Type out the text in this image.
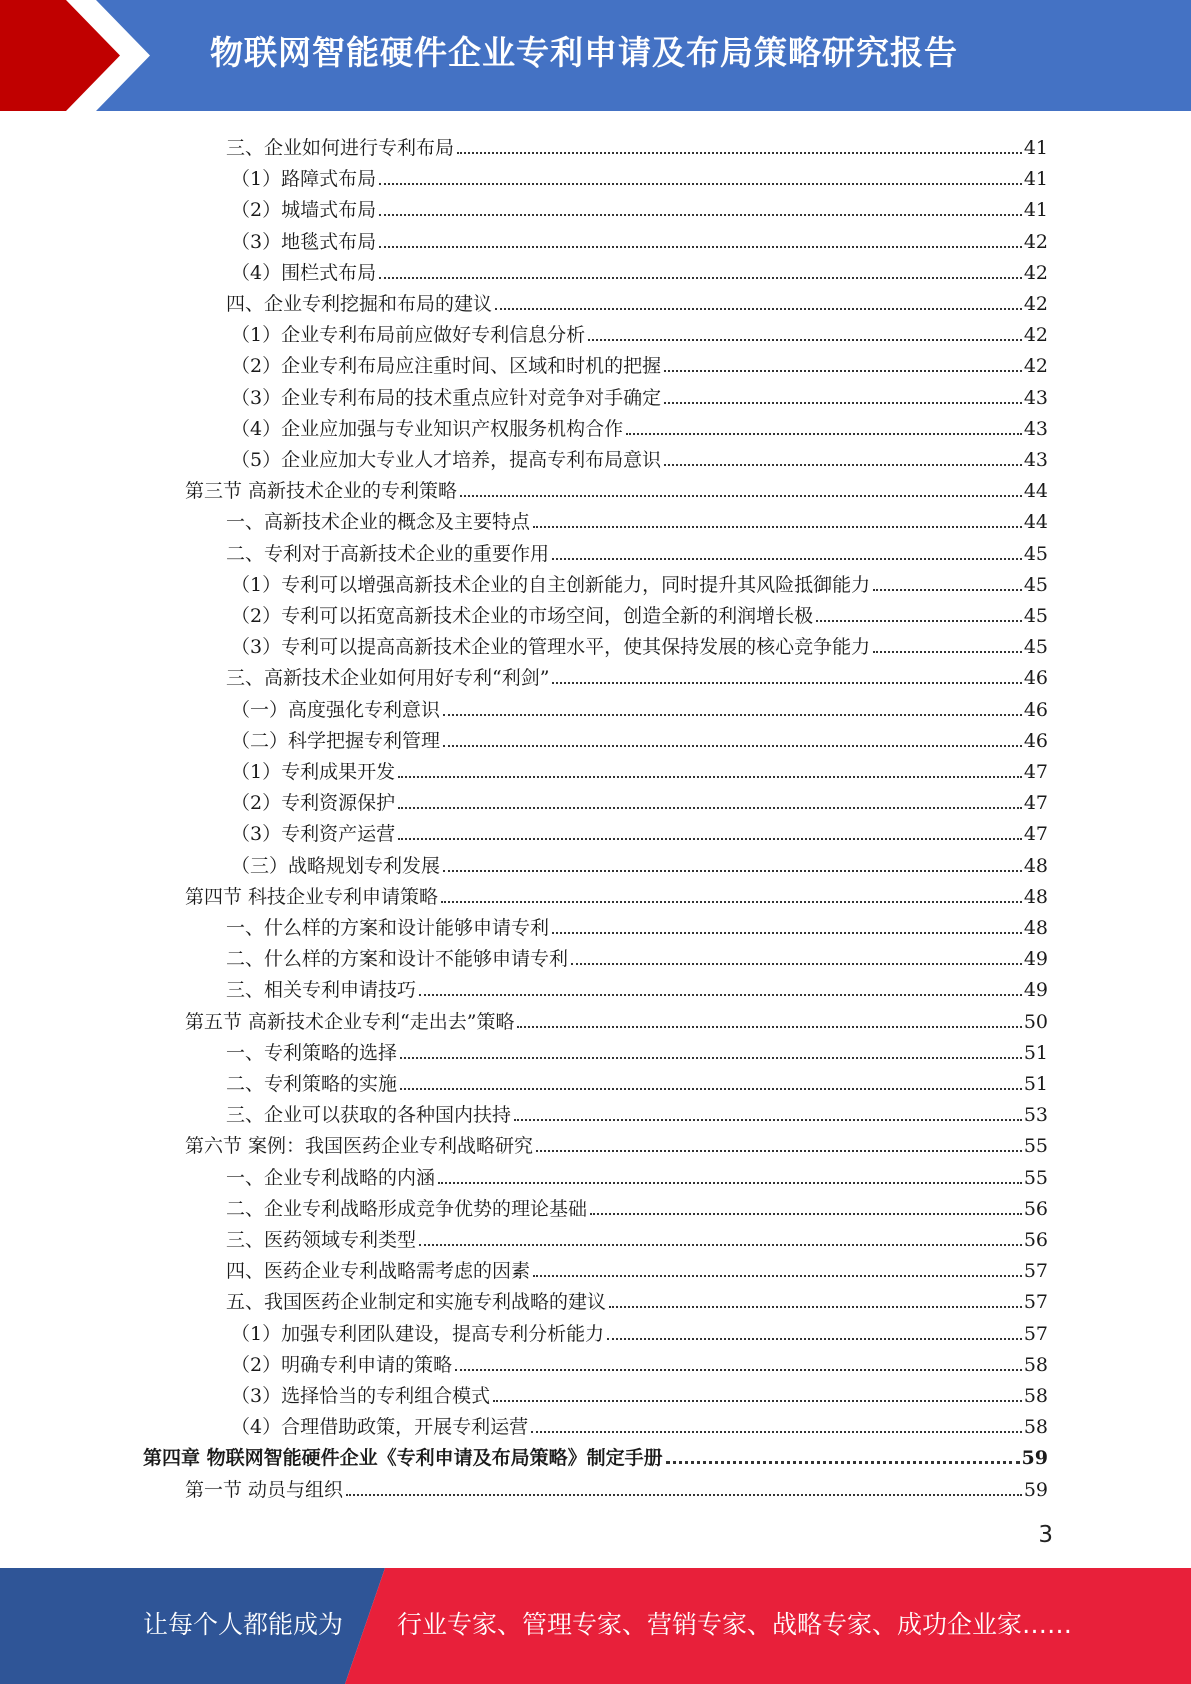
物联网智能硬件企业专利申请及布局策略研究报告
三、企业如何进行专利布局	41
（1）路障式布局	41
（2）城墙式布局	41
（3）地毯式布局	42
（4）围栏式布局	42
四、企业专利挖掘和布局的建议	42
（1）企业专利布局前应做好专利信息分析	42
（2）企业专利布局应注重时间、区域和时机的把握	42
（3）企业专利布局的技术重点应针对竞争对手确定	43
（4）企业应加强与专业知识产权服务机构合作	43
（5）企业应加大专业人才培养，提高专利布局意识	43
第三节 高新技术企业的专利策略	44
一、高新技术企业的概念及主要特点	44
二、专利对于高新技术企业的重要作用	45
（1）专利可以增强高新技术企业的自主创新能力，同时提升其风险抵御能力	45
（2）专利可以拓宽高新技术企业的市场空间，创造全新的利润增长极	45
（3）专利可以提高高新技术企业的管理水平，使其保持发展的核心竞争能力	45
三、高新技术企业如何用好专利“利剑”	46
（一）高度强化专利意识	46
（二）科学把握专利管理	46
（1）专利成果开发	47
（2）专利资源保护	47
（3）专利资产运营	47
（三）战略规划专利发展	48
第四节 科技企业专利申请策略	48
一、什么样的方案和设计能够申请专利	48
二、什么样的方案和设计不能够申请专利	49
三、相关专利申请技巧	49
第五节 高新技术企业专利“走出去”策略	50
一、专利策略的选择	51
二、专利策略的实施	51
三、企业可以获取的各种国内扶持	53
第六节 案例：我国医药企业专利战略研究	55
一、企业专利战略的内涵	55
二、企业专利战略形成竞争优势的理论基础	56
三、医药领域专利类型	56
四、医药企业专利战略需考虑的因素	57
五、我国医药企业制定和实施专利战略的建议	57
（1）加强专利团队建设，提高专利分析能力	57
（2）明确专利申请的策略	58
（3）选择恰当的专利组合模式	58
（4）合理借助政策，开展专利运营	58
第四章 物联网智能硬件企业《专利申请及布局策略》制定手册	59
第一节 动员与组织	59
3
让每个人都能成为 行业专家、管理专家、营销专家、战略专家、成功企业家……
